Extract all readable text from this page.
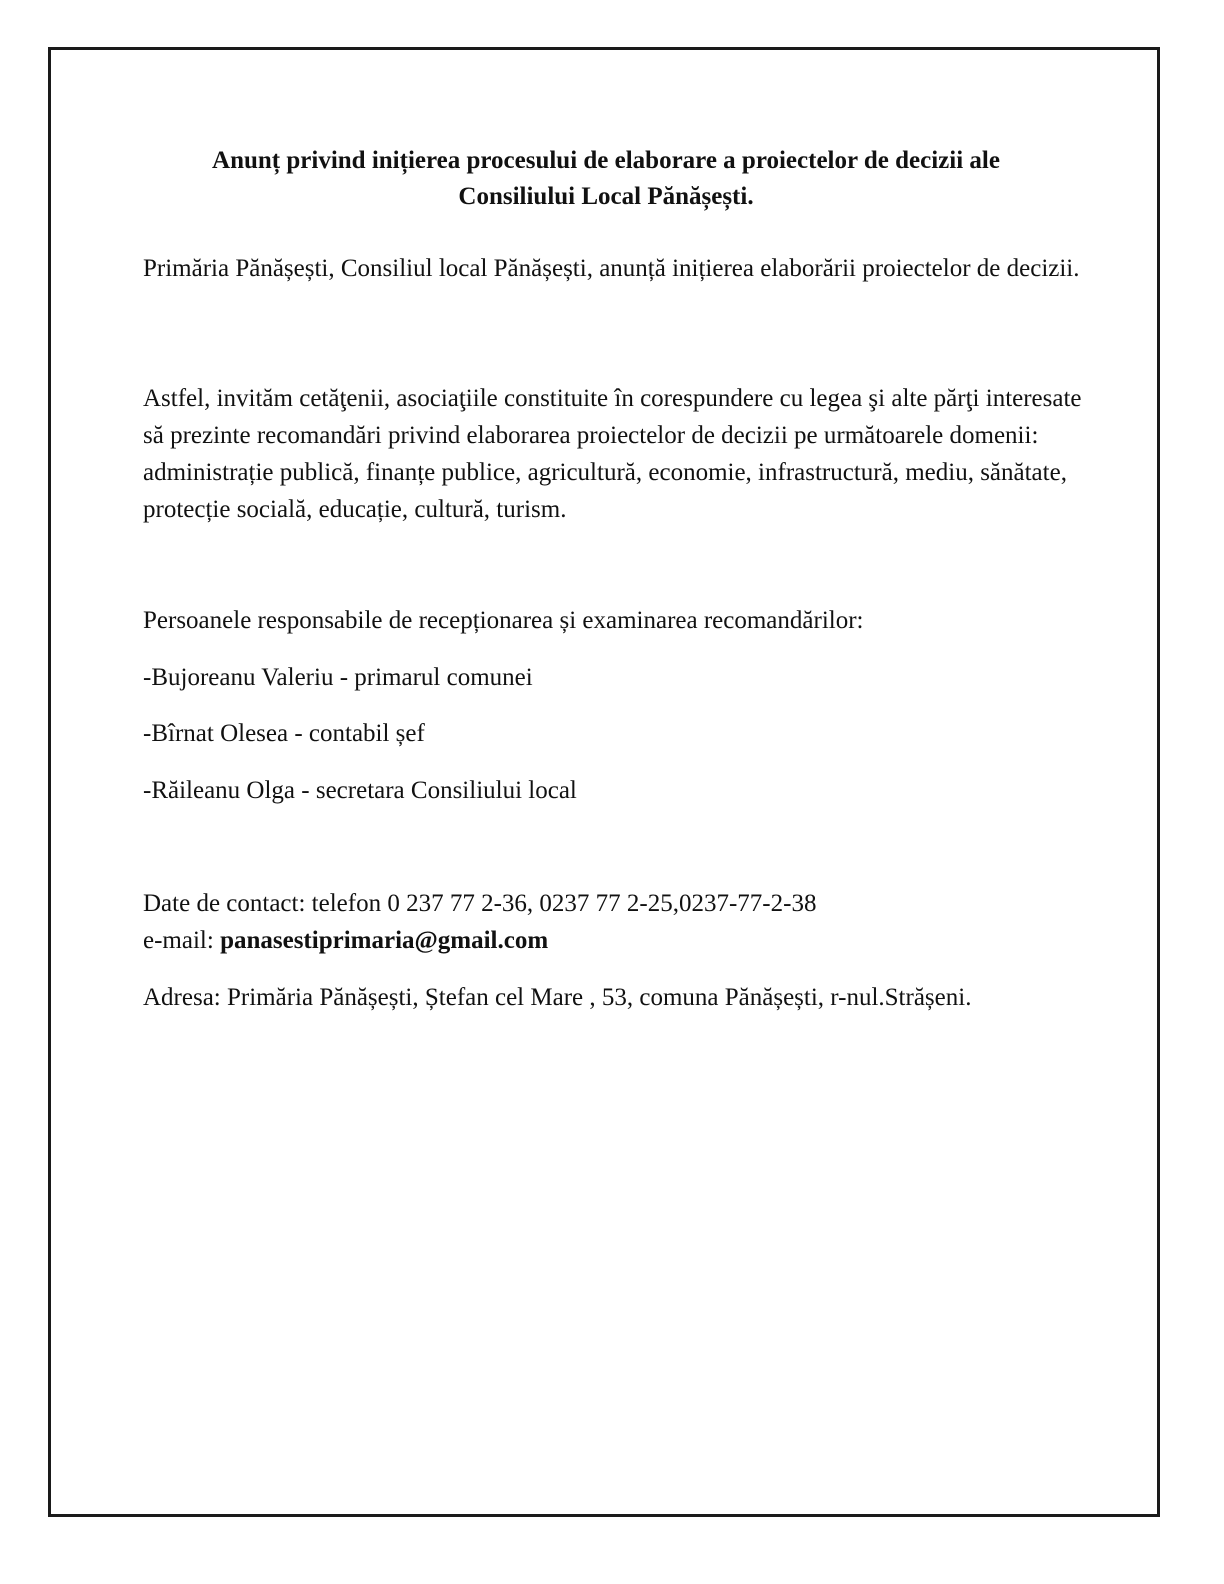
Anunț privind inițierea procesului de elaborare a proiectelor de decizii ale
Consiliului Local Pănășești.

Primăria Pănășești, Consiliul local Pănășești, anunță inițierea elaborării proiectelor de decizii.

Astfel, invităm cetăţenii, asociaţiile constituite în corespundere cu legea şi alte părţi interesate să prezinte recomandări privind elaborarea proiectelor de decizii pe următoarele domenii: administrație publică, finanțe publice, agricultură, economie, infrastructură, mediu, sănătate, protecție socială, educație, cultură, turism.

Persoanele responsabile de recepționarea și examinarea recomandărilor:

-Bujoreanu Valeriu - primarul comunei

-Bîrnat Olesea - contabil șef

-Răileanu Olga - secretara Consiliului local

Date de contact: telefon 0 237 77 2-36, 0237 77 2-25,0237-77-2-38

e-mail: panasestiprimaria@gmail.com

Adresa: Primăria Pănășești, Ștefan cel Mare , 53, comuna Pănășești, r-nul.Strășeni.
